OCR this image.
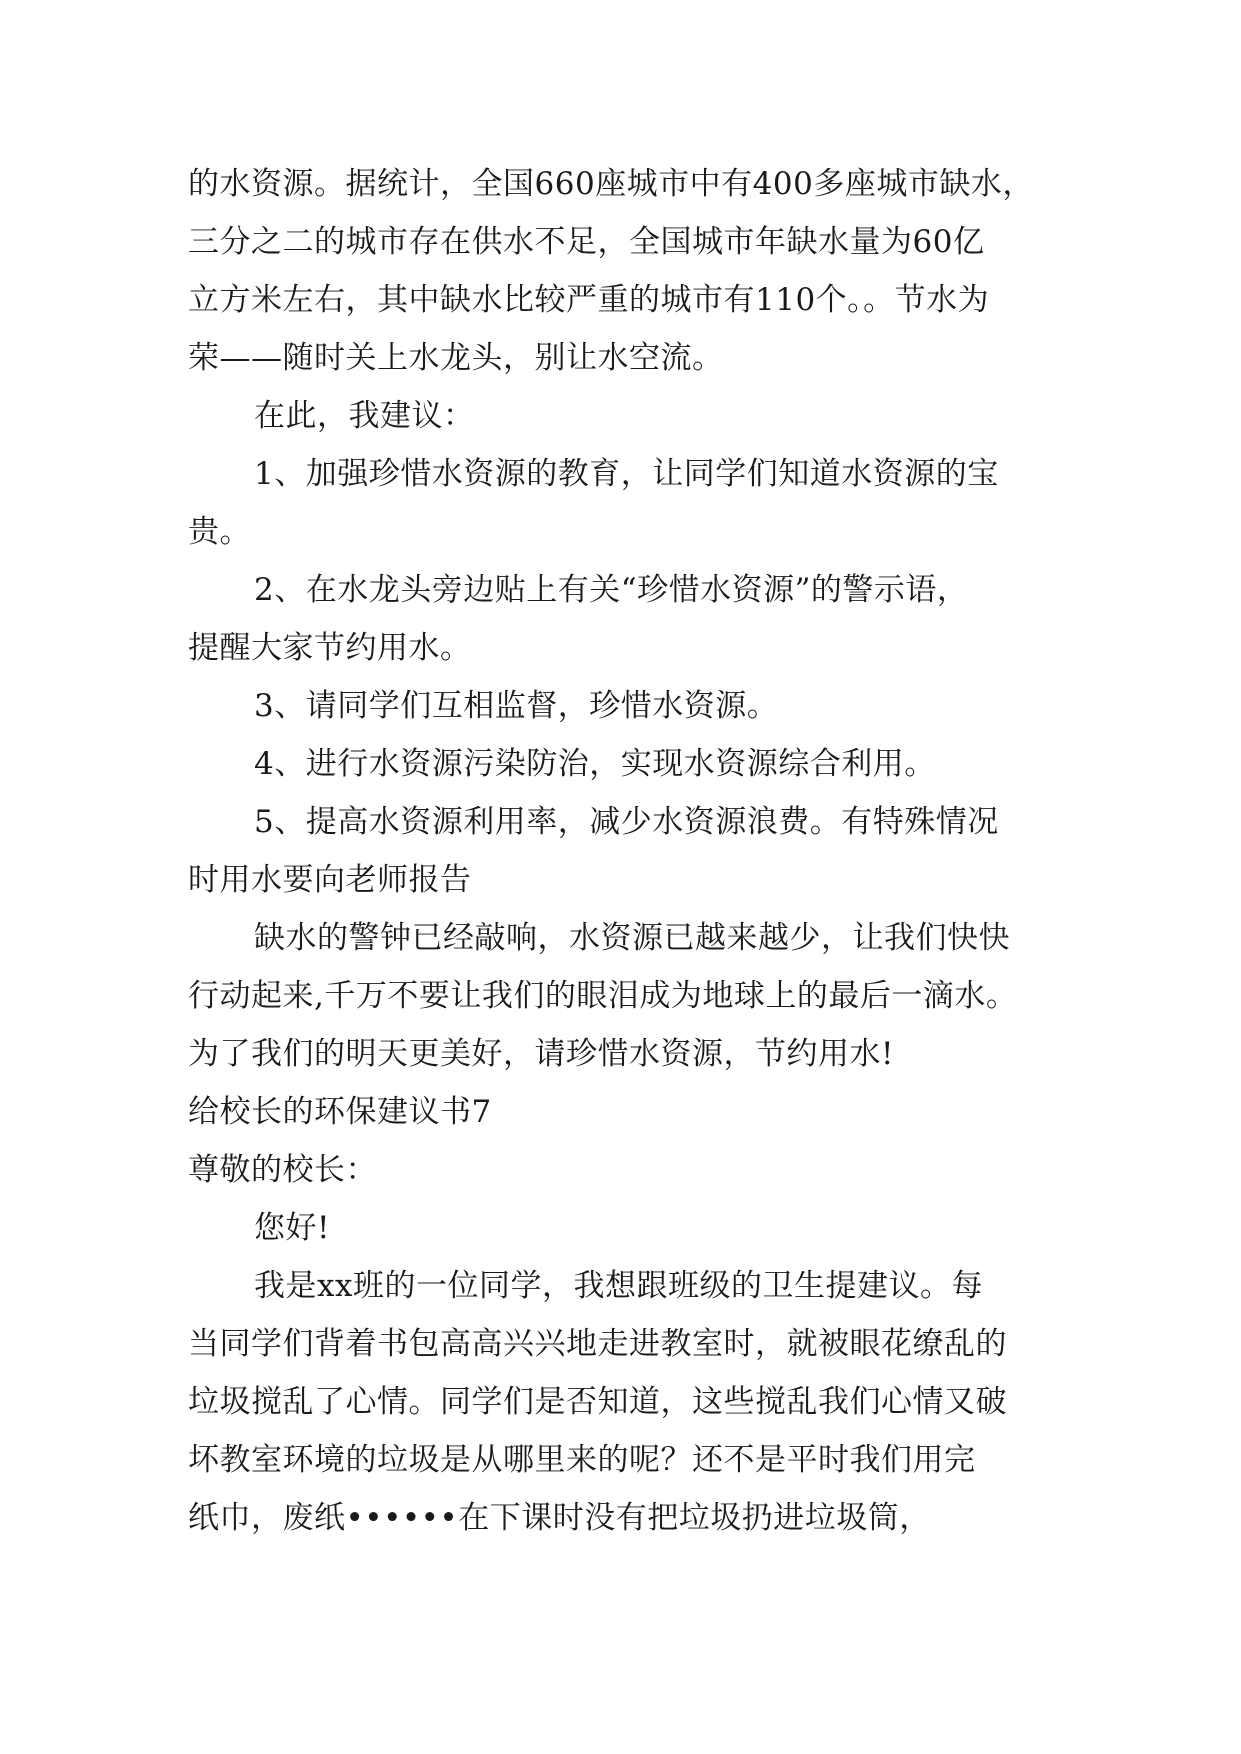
的水资源。据统计，全国660座城市中有400多座城市缺水，
三分之二的城市存在供水不足，全国城市年缺水量为60亿
立方米左右，其中缺水比较严重的城市有110个。。节水为
荣——随时关上水龙头，别让水空流。
在此，我建议：
1、加强珍惜水资源的教育，让同学们知道水资源的宝
贵。
2、在水龙头旁边贴上有关“珍惜水资源”的警示语，
提醒大家节约用水。
3、请同学们互相监督，珍惜水资源。
4、进行水资源污染防治，实现水资源综合利用。
5、提高水资源利用率，减少水资源浪费。有特殊情况
时用水要向老师报告
缺水的警钟已经敲响，水资源已越来越少，让我们快快
行动起来,千万不要让我们的眼泪成为地球上的最后一滴水。
为了我们的明天更美好，请珍惜水资源，节约用水!
给校长的环保建议书7
尊敬的校长：
您好!
我是xx班的一位同学，我想跟班级的卫生提建议。每
当同学们背着书包高高兴兴地走进教室时，就被眼花缭乱的
垃圾搅乱了心情。同学们是否知道，这些搅乱我们心情又破
坏教室环境的垃圾是从哪里来的呢？还不是平时我们用完
纸巾，废纸••••••在下课时没有把垃圾扔进垃圾筒，
